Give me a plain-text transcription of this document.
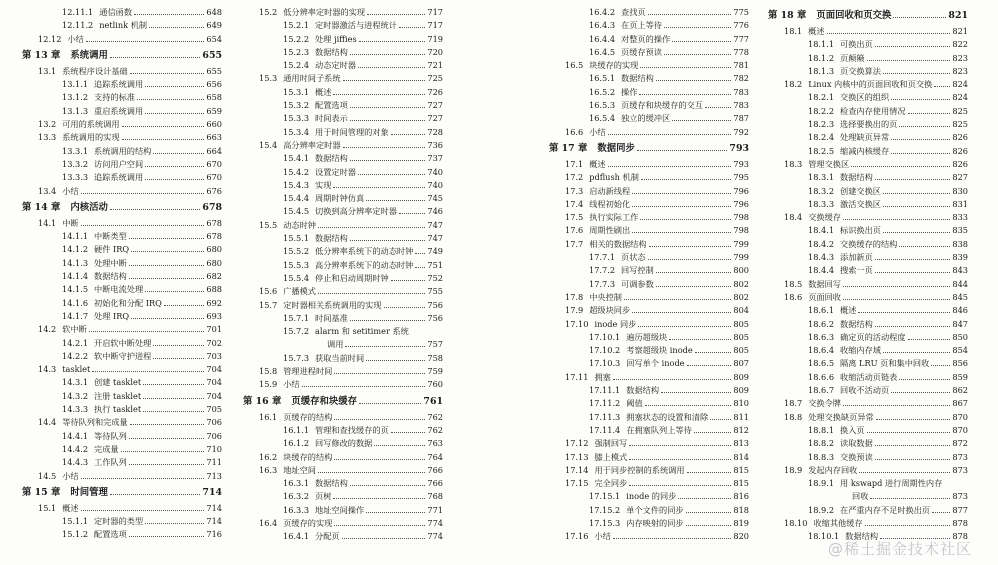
12.11.1 通信函数	648
12.11.2 netlink 机制	649
12.12 小结	654
第 13 章 系统调用	655
13.1 系统程序设计基础	655
13.1.1 追踪系统调用	656
13.1.2 支持的标准	658
13.1.3 重启系统调用	659
13.2 可用的系统调用	660
13.3 系统调用的实现	663
13.3.1 系统调用的结构	664
13.3.2 访问用户空间	670
13.3.3 追踪系统调用	670
13.4 小结	676
第 14 章 内核活动	678
14.1 中断	678
14.1.1 中断类型	678
14.1.2 硬件 IRQ	680
14.1.3 处理中断	680
14.1.4 数据结构	682
14.1.5 中断电流处理	688
14.1.6 初始化和分配 IRQ	692
14.1.7 处理 IRQ	693
14.2 软中断	701
14.2.1 开启软中断处理	702
14.2.2 软中断守护进程	703
14.3 tasklet	704
14.3.1 创建 tasklet	704
14.3.2 注册 tasklet	704
14.3.3 执行 tasklet	705
14.4 等待队列和完成量	706
14.4.1 等待队列	706
14.4.2 完成量	710
14.4.3 工作队列	711
14.5 小结	713
第 15 章 时间管理	714
15.1 概述	714
15.1.1 定时器的类型	714
15.1.2 配置选项	716
15.2 低分辨率定时器的实现	717
15.2.1 定时器激活与进程统计	717
15.2.2 处理 jiffies	719
15.2.3 数据结构	720
15.2.4 动态定时器	721
15.3 通用时间子系统	725
15.3.1 概述	726
15.3.2 配置选项	727
15.3.3 时间表示	727
15.3.4 用于时间管理的对象	728
15.4 高分辨率定时器	736
15.4.1 数据结构	737
15.4.2 设置定时器	740
15.4.3 实现	740
15.4.4 周期时钟仿真	745
15.4.5 切换到高分辨率定时器	746
15.5 动态时钟	747
15.5.1 数据结构	747
15.5.2 低分辨率系统下的动态时钟 749
15.5.3 高分辨率系统下的动态时钟 751
15.5.4 停止和启动周期时钟	752
15.6 广播模式	755
15.7 定时器相关系统调用的实现	756
15.7.1 时间基准	756
15.7.2 alarm 和 setitimer 系统
调用	757
15.7.3 获取当前时间	758
15.8 管理进程时间	759
15.9 小结	760
第 16 章 页缓存和块缓存	761
16.1 页缓存的结构	762
16.1.1 管理和查找缓存的页	762
16.1.2 回写修改的数据	763
16.2 块缓存的结构	764
16.3 地址空间	766
16.3.1 数据结构	766
16.3.2 页树	768
16.3.3 地址空间操作	771
16.4 页缓存的实现	774
16.4.1 分配页	774
16.4.2 查找页	775
16.4.3 在页上等待	776
16.4.4 对整页的操作	777
16.4.5 页缓存预读	778
16.5 块缓存的实现	781
16.5.1 数据结构	782
16.5.2 操作	783
16.5.3 页缓存和块缓存的交互	783
16.5.4 独立的缓冲区	787
16.6 小结	792
第 17 章 数据同步	793
17.1 概述	793
17.2 pdflush 机制	795
17.3 启动新线程	796
17.4 线程初始化	796
17.5 执行实际工作	798
17.6 周期性刷出	798
17.7 相关的数据结构	799
17.7.1 页状态	799
17.7.2 回写控制	800
17.7.3 可调参数	802
17.8 中央控制	802
17.9 超级块同步	804
17.10 inode 同步	805
17.10.1 遍历超级块	805
17.10.2 考察超级块 inode	805
17.10.3 回写单个 inode	807
17.11 拥塞	809
17.11.1 数据结构	809
17.11.2 阈值	810
17.11.3 拥塞状态的设置和清除	811
17.11.4 在拥塞队列上等待	812
17.12 强制回写	813
17.13 膝上模式	814
17.14 用于同步控制的系统调用	815
17.15 完全同步	815
17.15.1 inode 的同步	816
17.15.2 单个文件的同步	818
17.15.3 内存映射的同步	819
17.16 小结	820
第 18 章 页面回收和页交换	821
18.1 概述	821
18.1.1 可换出页	822
18.1.2 页颠簸	823
18.1.3 页交换算法	823
18.2 Linux 内核中的页面回收和页交换 824
18.2.1 交换区的组织	824
18.2.2 检查内存使用情况	825
18.2.3 选择要换出的页	825
18.2.4 处理缺页异常	826
18.2.5 缩减内核缓存	826
18.3 管理交换区	826
18.3.1 数据结构	827
18.3.2 创建交换区	830
18.3.3 激活交换区	831
18.4 交换缓存	833
18.4.1 标识换出页	835
18.4.2 交换缓存的结构	838
18.4.3 添加新页	839
18.4.4 搜索一页	843
18.5 数据回写	844
18.6 页面回收	845
18.6.1 概述	846
18.6.2 数据结构	847
18.6.3 确定页的活动程度	850
18.6.4 收缩内存域	854
18.6.5 隔离 LRU 页和集中回收	856
18.6.6 收缩活动页链表	859
18.6.7 回收不活动页	862
18.7 交换令牌	867
18.8 处理交换缺页异常	870
18.8.1 换入页	870
18.8.2 读取数据	872
18.8.3 交换预读	873
18.9 发起内存回收	873
18.9.1 用 kswapd 进行周期性内存
回收	873
18.9.2 在严重内存不足时换出页	877
18.10 收缩其他缓存	878
18.10.1 数据结构	878
@稀土掘金技术社区
